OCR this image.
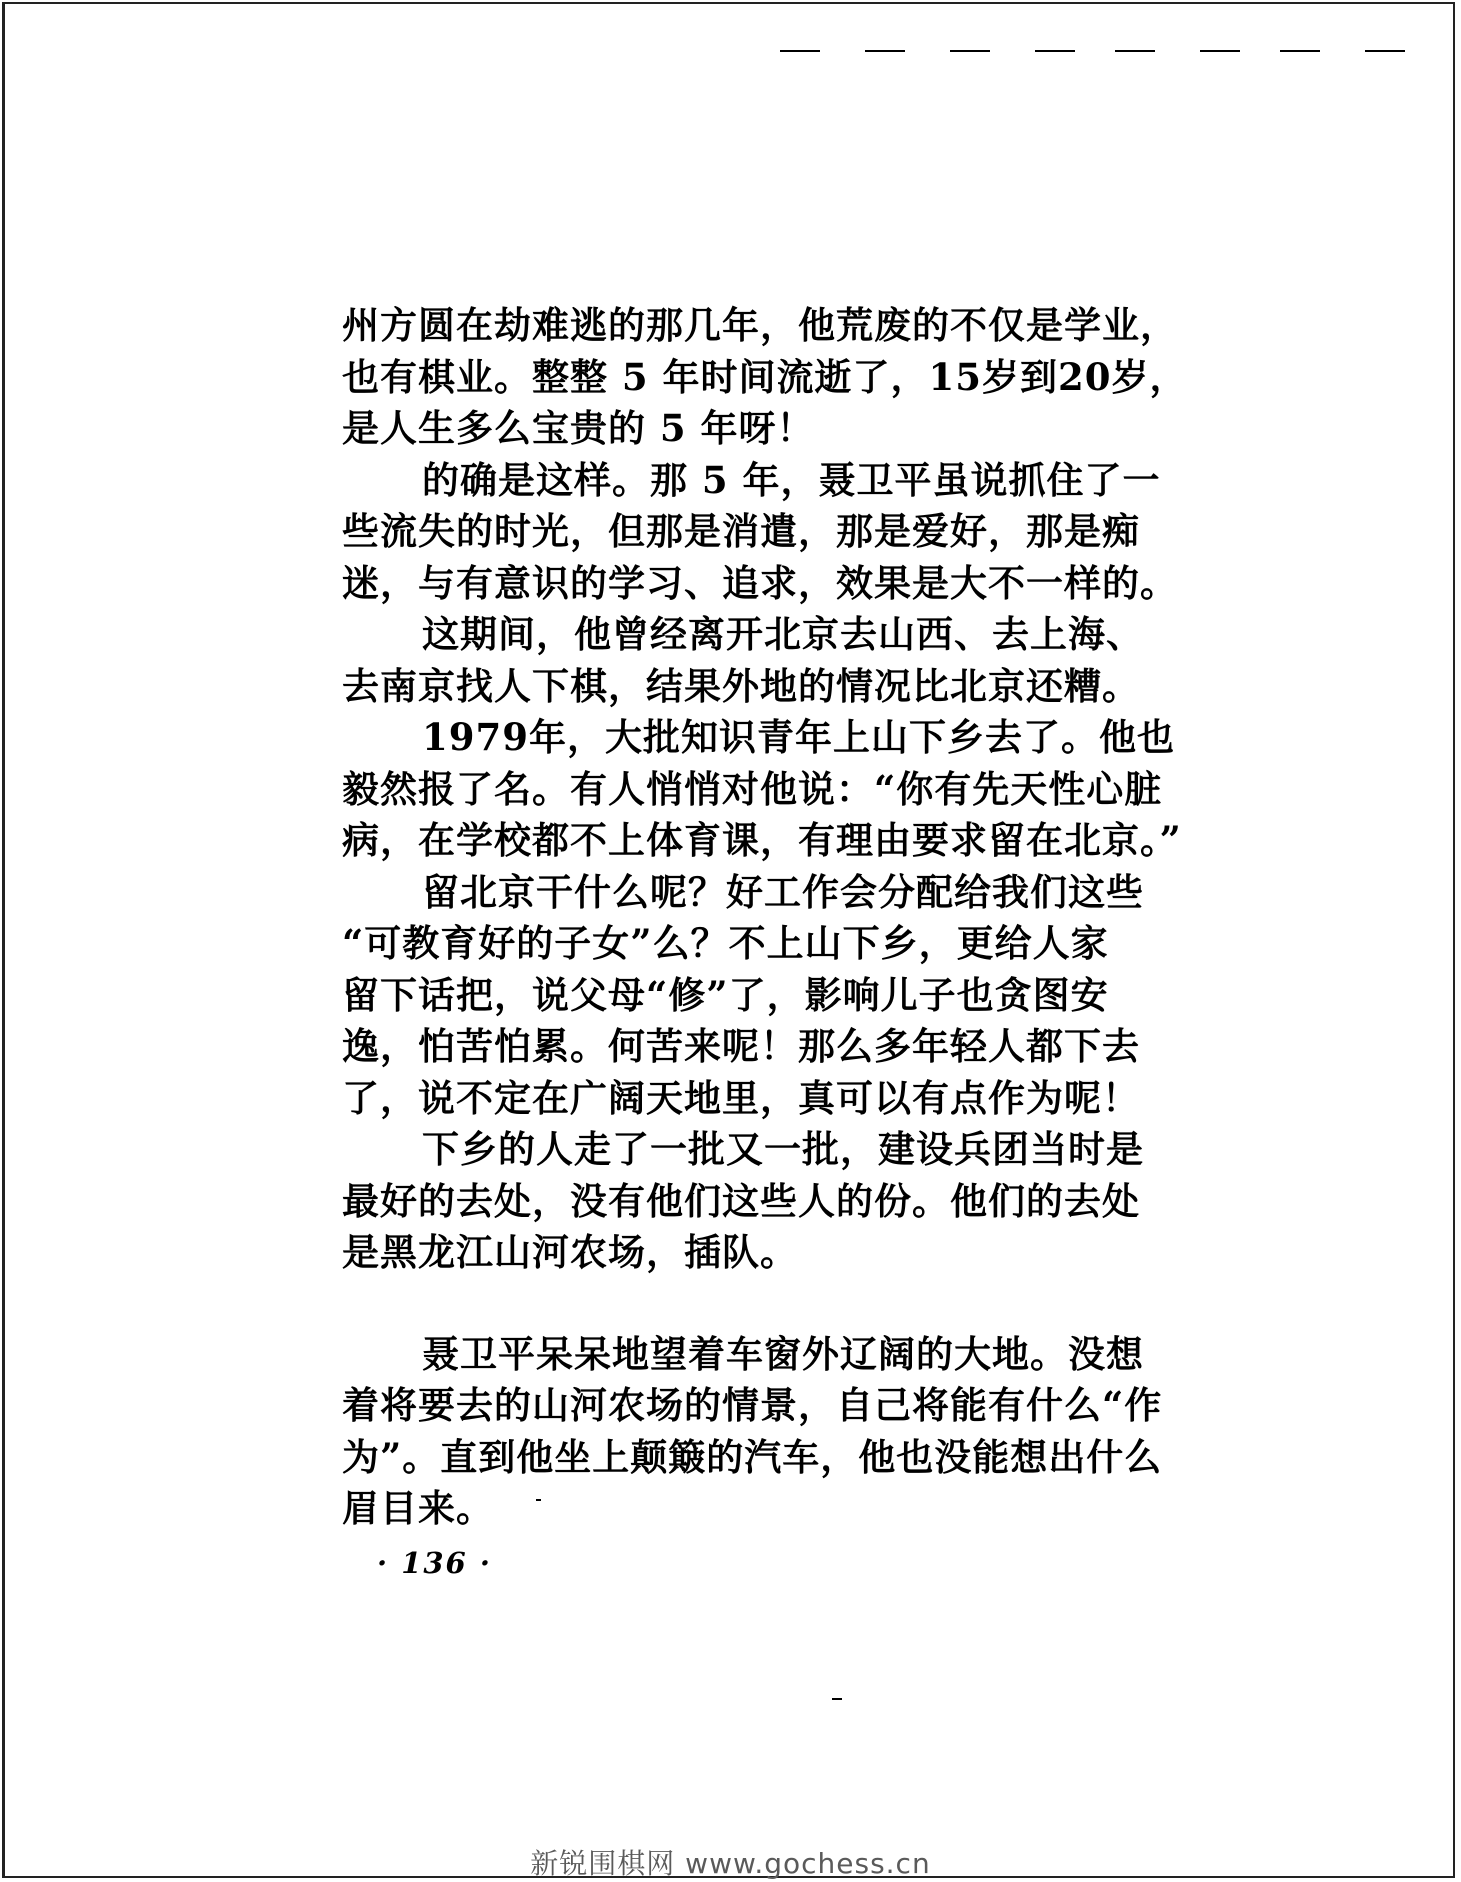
州方圆在劫难逃的那几年，他荒废的不仅是学业，
也有棋业。整整 5 年时间流逝了，15岁到20岁，
是人生多么宝贵的 5 年呀！

的确是这样。那 5 年，聂卫平虽说抓住了一
些流失的时光，但那是消遣，那是爱好，那是痴
迷，与有意识的学习、追求，效果是大不一样的。

这期间，他曾经离开北京去山西、去上海、
去南京找人下棋，结果外地的情况比北京还糟。

1979年，大批知识青年上山下乡去了。他也
毅然报了名。有人悄悄对他说：“你有先天性心脏
病，在学校都不上体育课，有理由要求留在北京。”

留北京干什么呢？好工作会分配给我们这些
“可教育好的子女”么？不上山下乡，更给人家
留下话把，说父母“修”了，影响儿子也贪图安
逸，怕苦怕累。何苦来呢！那么多年轻人都下去
了，说不定在广阔天地里，真可以有点作为呢！

下乡的人走了一批又一批，建设兵团当时是
最好的去处，没有他们这些人的份。他们的去处
是黑龙江山河农场，插队。

聂卫平呆呆地望着车窗外辽阔的大地。没想
着将要去的山河农场的情景，自己将能有什么“作
为”。直到他坐上颠簸的汽车，他也没能想出什么
眉目来。

· 136 ·
新锐围棋网 www.gochess.cn
